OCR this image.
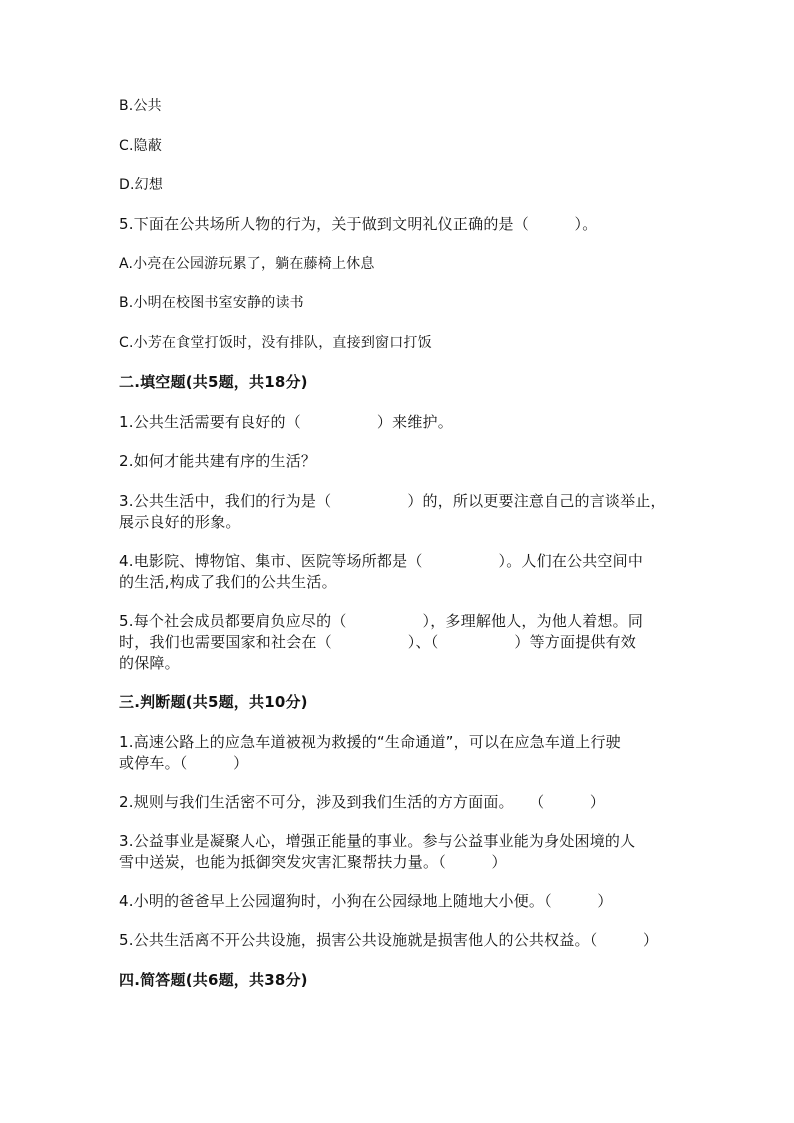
B.公共
C.隐蔽
D.幻想
5.下面在公共场所人物的行为，关于做到文明礼仪正确的是（　　　）。
A.小亮在公园游玩累了，躺在藤椅上休息
B.小明在校图书室安静的读书
C.小芳在食堂打饭时，没有排队，直接到窗口打饭
二.填空题(共5题，共18分)
1.公共生活需要有良好的（　　　　　）来维护。
2.如何才能共建有序的生活？
3.公共生活中，我们的行为是（　　　　　）的，所以更要注意自己的言谈举止，
展示良好的形象。
4.电影院、博物馆、集市、医院等场所都是（　　　　　）。人们在公共空间中
的生活,构成了我们的公共生活。
5.每个社会成员都要肩负应尽的（　　　　　），多理解他人，为他人着想。同
时，我们也需要国家和社会在（　　　　　）、（　　　　　）等方面提供有效
的保障。
三.判断题(共5题，共10分)
1.高速公路上的应急车道被视为救援的“生命通道”，可以在应急车道上行驶
或停车。（　　　）
2.规则与我们生活密不可分，涉及到我们生活的方方面面。　　（　　　）
3.公益事业是凝聚人心，增强正能量的事业。参与公益事业能为身处困境的人
雪中送炭，也能为抵御突发灾害汇聚帮扶力量。（　　　）
4.小明的爸爸早上公园遛狗时，小狗在公园绿地上随地大小便。（　　　）
5.公共生活离不开公共设施，损害公共设施就是损害他人的公共权益。（　　　）
四.简答题(共6题，共38分)
